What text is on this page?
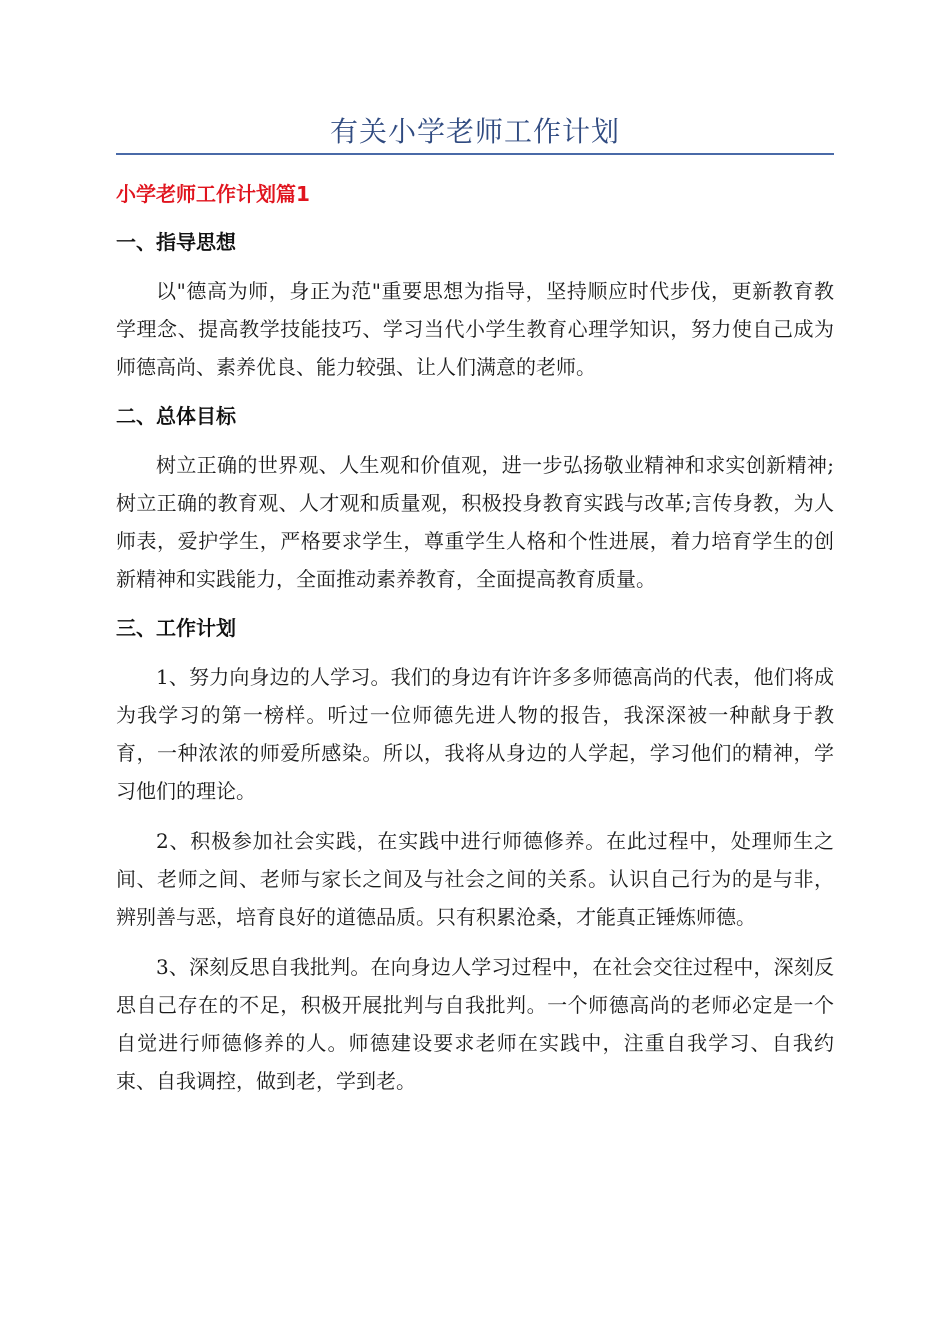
有关小学老师工作计划
小学老师工作计划篇1
一、指导思想

以"德高为师，身正为范"重要思想为指导，坚持顺应时代步伐，更新教育教学理念、提高教学技能技巧、学习当代小学生教育心理学知识，努力使自己成为师德高尚、素养优良、能力较强、让人们满意的老师。

二、总体目标

树立正确的世界观、人生观和价值观，进一步弘扬敬业精神和求实创新精神;树立正确的教育观、人才观和质量观，积极投身教育实践与改革;言传身教，为人师表，爱护学生，严格要求学生，尊重学生人格和个性进展，着力培育学生的创新精神和实践能力，全面推动素养教育，全面提高教育质量。

三、工作计划

1、努力向身边的人学习。我们的身边有许许多多师德高尚的代表，他们将成为我学习的第一榜样。听过一位师德先进人物的报告，我深深被一种献身于教育，一种浓浓的师爱所感染。所以，我将从身边的人学起，学习他们的精神，学习他们的理论。

2、积极参加社会实践，在实践中进行师德修养。在此过程中，处理师生之间、老师之间、老师与家长之间及与社会之间的关系。认识自己行为的是与非，辨别善与恶，培育良好的道德品质。只有积累沧桑，才能真正锤炼师德。

3、深刻反思自我批判。在向身边人学习过程中，在社会交往过程中，深刻反思自己存在的不足，积极开展批判与自我批判。一个师德高尚的老师必定是一个自觉进行师德修养的人。师德建设要求老师在实践中，注重自我学习、自我约束、自我调控，做到老，学到老。
